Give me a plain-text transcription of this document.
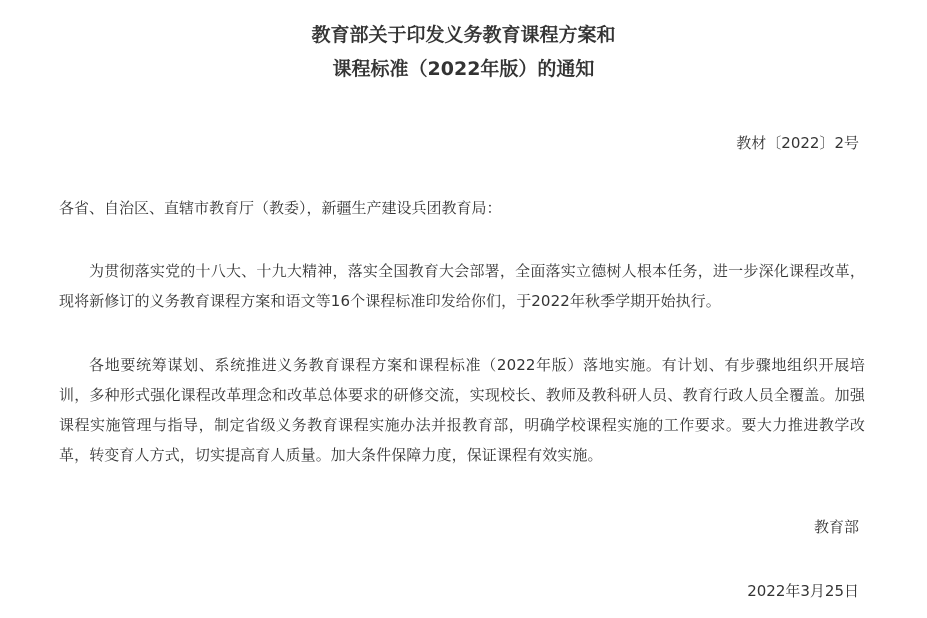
教育部关于印发义务教育课程方案和
课程标准（2022年版）的通知
教材〔2022〕2号
各省、自治区、直辖市教育厅（教委），新疆生产建设兵团教育局：
为贯彻落实党的十八大、十九大精神，落实全国教育大会部署，全面落实立德树人根本任务，进一步深化课程改革，现将新修订的义务教育课程方案和语文等16个课程标准印发给你们，于2022年秋季学期开始执行。
各地要统筹谋划、系统推进义务教育课程方案和课程标准（2022年版）落地实施。有计划、有步骤地组织开展培训，多种形式强化课程改革理念和改革总体要求的研修交流，实现校长、教师及教科研人员、教育行政人员全覆盖。加强课程实施管理与指导，制定省级义务教育课程实施办法并报教育部，明确学校课程实施的工作要求。要大力推进教学改革，转变育人方式，切实提高育人质量。加大条件保障力度，保证课程有效实施。
教育部
2022年3月25日
